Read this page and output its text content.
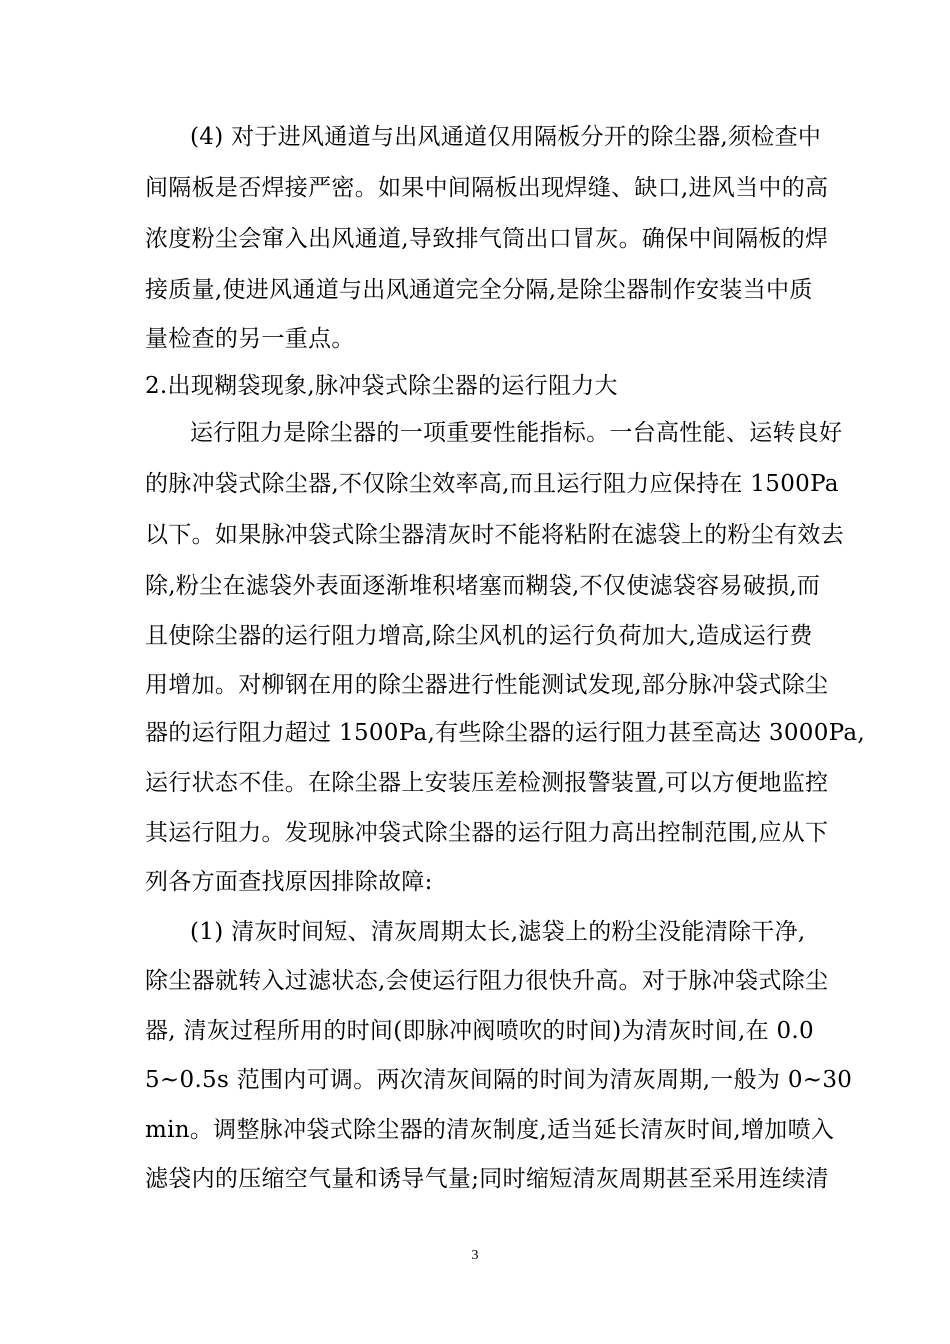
(4) 对于进风通道与出风通道仅用隔板分开的除尘器,须检查中
间隔板是否焊接严密。如果中间隔板出现焊缝、缺口,进风当中的高
浓度粉尘会窜入出风通道,导致排气筒出口冒灰。确保中间隔板的焊
接质量,使进风通道与出风通道完全分隔,是除尘器制作安装当中质
量检查的另一重点。
2.出现糊袋现象,脉冲袋式除尘器的运行阻力大
运行阻力是除尘器的一项重要性能指标。一台高性能、运转良好
的脉冲袋式除尘器,不仅除尘效率高,而且运行阻力应保持在 1500Pa
以下。如果脉冲袋式除尘器清灰时不能将粘附在滤袋上的粉尘有效去
除,粉尘在滤袋外表面逐渐堆积堵塞而糊袋,不仅使滤袋容易破损,而
且使除尘器的运行阻力增高,除尘风机的运行负荷加大,造成运行费
用增加。对柳钢在用的除尘器进行性能测试发现,部分脉冲袋式除尘
器的运行阻力超过 1500Pa,有些除尘器的运行阻力甚至高达 3000Pa,
运行状态不佳。在除尘器上安装压差检测报警装置,可以方便地监控
其运行阻力。发现脉冲袋式除尘器的运行阻力高出控制范围,应从下
列各方面查找原因排除故障:
(1) 清灰时间短、清灰周期太长,滤袋上的粉尘没能清除干净,
除尘器就转入过滤状态,会使运行阻力很快升高。对于脉冲袋式除尘
器, 清灰过程所用的时间(即脉冲阀喷吹的时间)为清灰时间,在 0.0
5~0.5s 范围内可调。两次清灰间隔的时间为清灰周期,一般为 0~30
min。调整脉冲袋式除尘器的清灰制度,适当延长清灰时间,增加喷入
滤袋内的压缩空气量和诱导气量;同时缩短清灰周期甚至采用连续清
3
